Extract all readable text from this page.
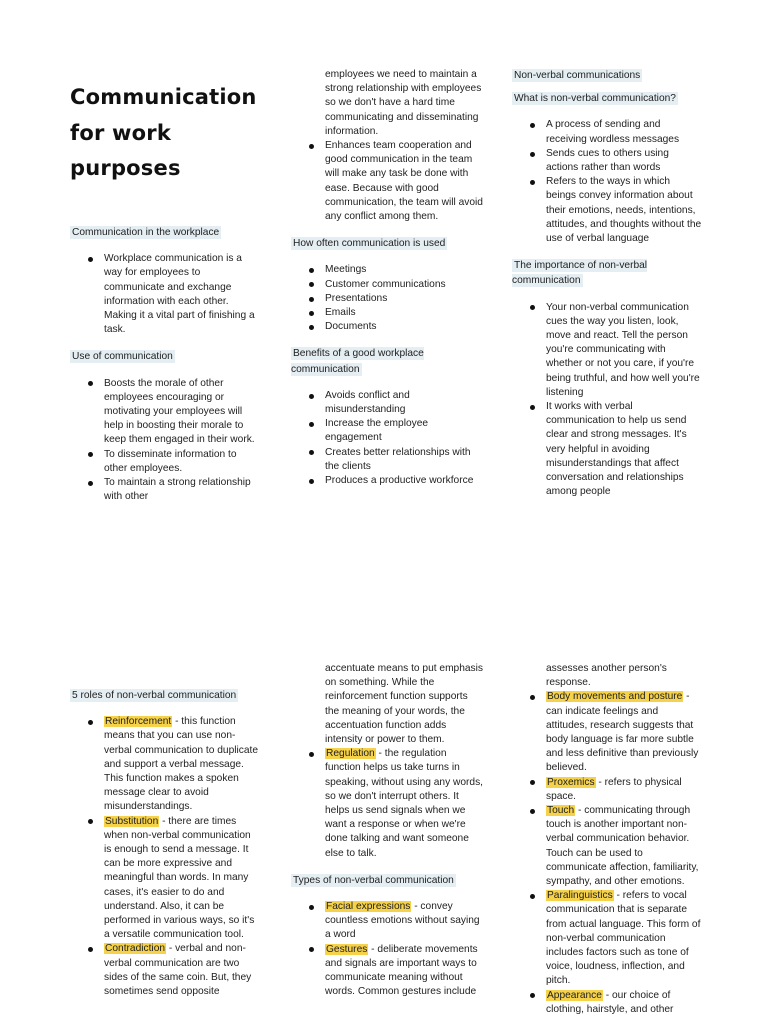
Communication for work purposes
Communication in the workplace
Workplace communication is a way for employees to communicate and exchange information with each other. Making it a vital part of finishing a task.
Use of communication
Boosts the morale of other employees encouraging or motivating your employees will help in boosting their morale to keep them engaged in their work.
To disseminate information to other employees.
To maintain a strong relationship with other
employees we need to maintain a strong relationship with employees so we don't have a hard time communicating and disseminating information.
Enhances team cooperation and good communication in the team will make any task be done with ease. Because with good communication, the team will avoid any conflict among them.
How often communication is used
Meetings
Customer communications
Presentations
Emails
Documents
Benefits of a good workplace communication
Avoids conflict and misunderstanding
Increase the employee engagement
Creates better relationships with the clients
Produces a productive workforce
Non-verbal communications
What is non-verbal communication?
A process of sending and receiving wordless messages
Sends cues to others using actions rather than words
Refers to the ways in which beings convey information about their emotions, needs, intentions, attitudes, and thoughts without the use of verbal language
The importance of non-verbal communication
Your non-verbal communication cues the way you listen, look, move and react. Tell the person you're communicating with whether or not you care, if you're being truthful, and how well you're listening
It works with verbal communication to help us send clear and strong messages. It's very helpful in avoiding misunderstandings that affect conversation and relationships among people
5 roles of non-verbal communication
Reinforcement - this function means that you can use non-verbal communication to duplicate and support a verbal message. This function makes a spoken message clear to avoid misunderstandings.
Substitution - there are times when non-verbal communication is enough to send a message. It can be more expressive and meaningful than words. In many cases, it's easier to do and understand. Also, it can be performed in various ways, so it's a versatile communication tool.
Contradiction - verbal and non-verbal communication are two sides of the same coin. But, they sometimes send opposite
accentuate means to put emphasis on something. While the reinforcement function supports the meaning of your words, the accentuation function adds intensity or power to them.
Regulation - the regulation function helps us take turns in speaking, without using any words, so we don't interrupt others. It helps us send signals when we want a response or when we're done talking and want someone else to talk.
Types of non-verbal communication
Facial expressions - convey countless emotions without saying a word
Gestures - deliberate movements and signals are important ways to communicate meaning without words. Common gestures include
assesses another person's response.
Body movements and posture - can indicate feelings and attitudes, research suggests that body language is far more subtle and less definitive than previously believed.
Proxemics - refers to physical space.
Touch - communicating through touch is another important non-verbal communication behavior. Touch can be used to communicate affection, familiarity, sympathy, and other emotions.
Paralinguistics - refers to vocal communication that is separate from actual language. This form of non-verbal communication includes factors such as tone of voice, loudness, inflection, and pitch.
Appearance - our choice of clothing, hairstyle, and other
